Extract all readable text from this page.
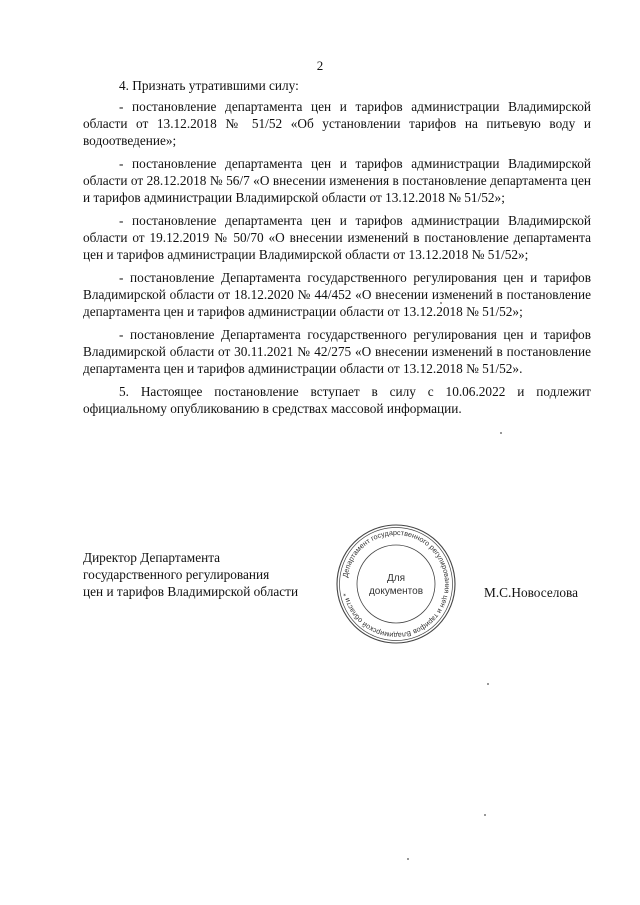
2

4. Признать утратившими силу:

- постановление департамента цен и тарифов администрации Владимирской области от 13.12.2018 № 51/52 «Об установлении тарифов на питьевую воду и водоотведение»;

- постановление департамента цен и тарифов администрации Владимирской области от 28.12.2018 № 56/7 «О внесении изменения в постановление департамента цен и тарифов администрации Владимирской области от 13.12.2018 № 51/52»;

- постановление департамента цен и тарифов администрации Владимирской области от 19.12.2019 № 50/70 «О внесении изменений в постановление департамента цен и тарифов администрации Владимирской области от 13.12.2018 № 51/52»;

- постановление Департамента государственного регулирования цен и тарифов Владимирской области от 18.12.2020 № 44/452 «О внесении изменений в постановление департамента цен и тарифов администрации области от 13.12.2018 № 51/52»;

- постановление Департамента государственного регулирования цен и тарифов Владимирской области от 30.11.2021 № 42/275 «О внесении изменений в постановление департамента цен и тарифов администрации области от 13.12.2018 № 51/52».

5. Настоящее постановление вступает в силу с 10.06.2022 и подлежит официальному опубликованию в средствах массовой информации.

Директор Департамента
государственного регулирования
цен и тарифов Владимирской области
Департамент государственного регулирования цен и тарифов Владимирской области *
Для
документов	М.С.Новоселова
